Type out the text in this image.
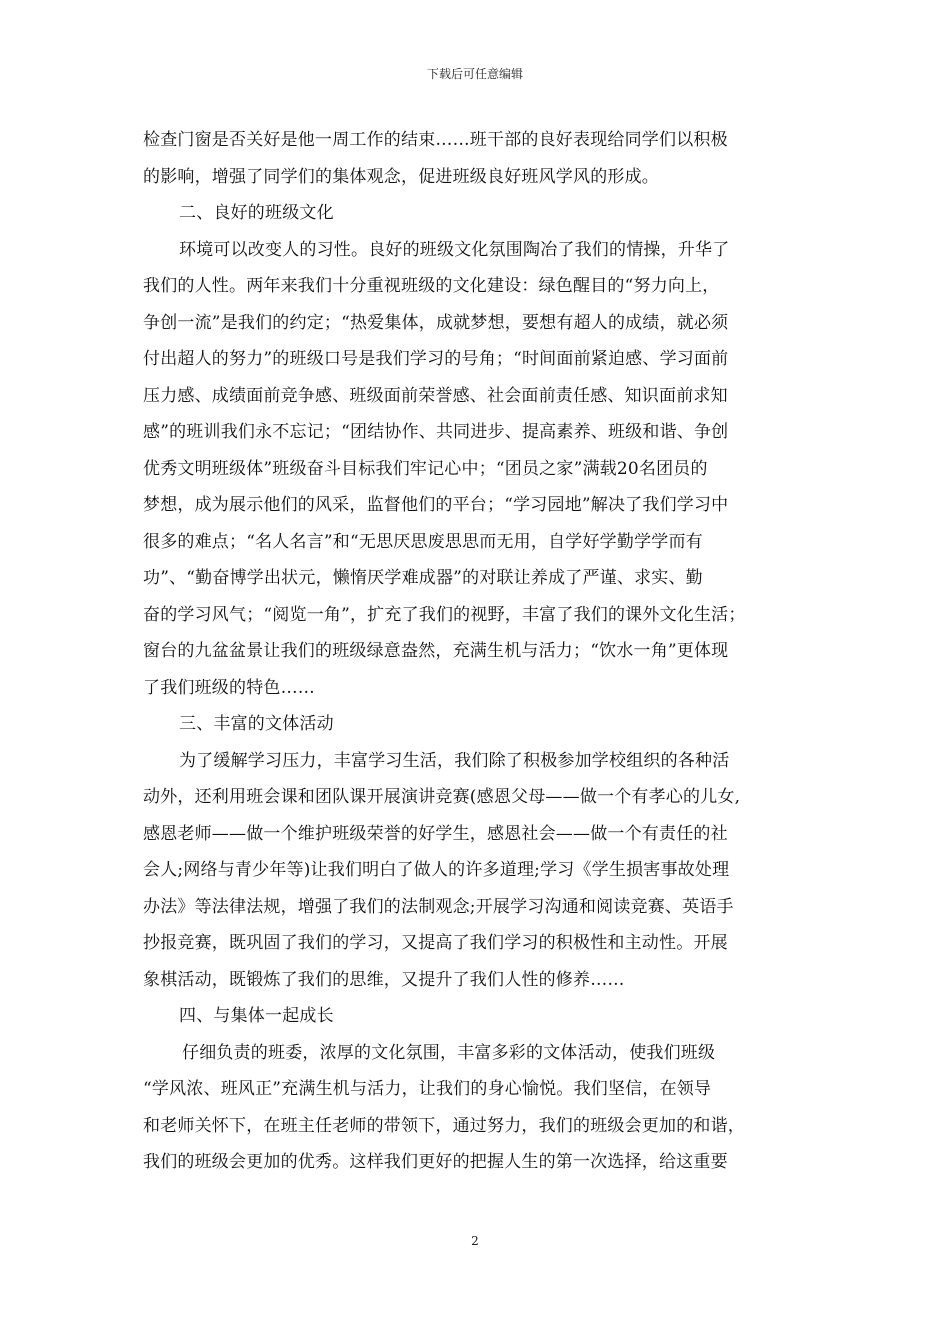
下载后可任意编辑
检查门窗是否关好是他一周工作的结束……班干部的良好表现给同学们以积极
的影响，增强了同学们的集体观念，促进班级良好班风学风的形成。
二、良好的班级文化
环境可以改变人的习性。良好的班级文化氛围陶冶了我们的情操，升华了
我们的人性。两年来我们十分重视班级的文化建设：绿色醒目的“努力向上，
争创一流”是我们的约定；“热爱集体，成就梦想，要想有超人的成绩，就必须
付出超人的努力”的班级口号是我们学习的号角；“时间面前紧迫感、学习面前
压力感、成绩面前竞争感、班级面前荣誉感、社会面前责任感、知识面前求知
感”的班训我们永不忘记；“团结协作、共同进步、提高素养、班级和谐、争创
优秀文明班级体”班级奋斗目标我们牢记心中；“团员之家”满载20名团员的
梦想，成为展示他们的风采，监督他们的平台；“学习园地”解决了我们学习中
很多的难点；“名人名言”和“无思厌思废思思而无用，自学好学勤学学而有
功”、“勤奋博学出状元，懒惰厌学难成器”的对联让养成了严谨、求实、勤
奋的学习风气；“阅览一角”，扩充了我们的视野，丰富了我们的课外文化生活；
窗台的九盆盆景让我们的班级绿意盎然，充满生机与活力；“饮水一角”更体现
了我们班级的特色……
三、丰富的文体活动
为了缓解学习压力，丰富学习生活，我们除了积极参加学校组织的各种活
动外，还利用班会课和团队课开展演讲竞赛(感恩父母——做一个有孝心的儿女,
感恩老师——做一个维护班级荣誉的好学生，感恩社会——做一个有责任的社
会人;网络与青少年等)让我们明白了做人的许多道理;学习《学生损害事故处理
办法》等法律法规，增强了我们的法制观念;开展学习沟通和阅读竞赛、英语手
抄报竞赛，既巩固了我们的学习，又提高了我们学习的积极性和主动性。开展
象棋活动，既锻炼了我们的思维，又提升了我们人性的修养……
四、与集体一起成长
仔细负责的班委，浓厚的文化氛围，丰富多彩的文体活动，使我们班级
“学风浓、班风正”充满生机与活力，让我们的身心愉悦。我们坚信，在领导
和老师关怀下，在班主任老师的带领下，通过努力，我们的班级会更加的和谐，
我们的班级会更加的优秀。这样我们更好的把握人生的第一次选择，给这重要
2
